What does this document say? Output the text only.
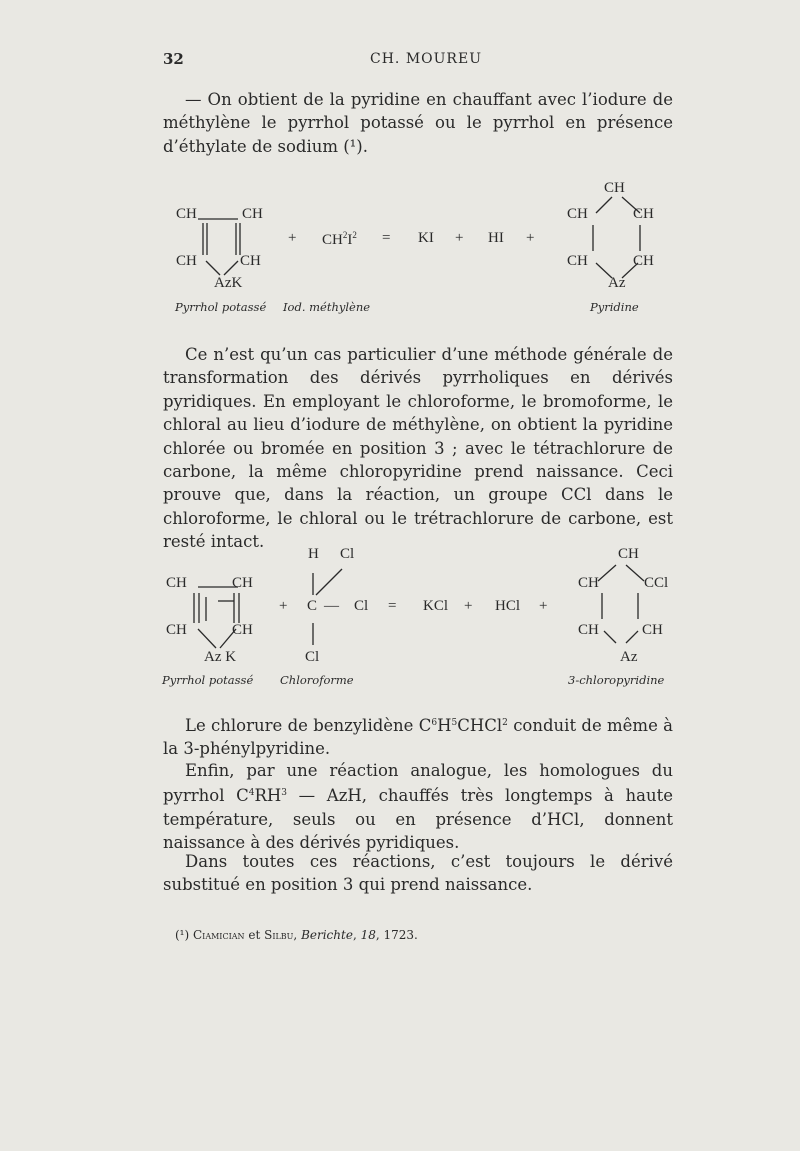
32	CH. MOUREU

— On obtient de la pyridine en chauffant avec l’iodure de méthylène le pyrrhol potassé ou le pyrrhol en présence d’éthylate de sodium (¹).

CH	CH
CH	CH
AzK
+ $CH^2I^2$ = KI + HI +
CH
CH	CH
CH	CH
Az
Pyrrhol potassé Iod. méthylène	Pyridine

Ce n’est qu’un cas particulier d’une méthode générale de transformation des dérivés pyrrholiques en dérivés pyridiques. En employant le chloroforme, le bromoforme, le chloral au lieu d’iodure de méthylène, on obtient la pyridine chlorée ou bromée en position 3 ; avec le tétrachlorure de carbone, la même chloropyridine prend naissance. Ceci prouve que, dans la réaction, un groupe CCl dans le chloroforme, le chloral ou le trétrachlorure de carbone, est resté intact.

CH	CH
CH	CH
Az K
+
H Cl
C — Cl
Cl
= KCl + HCl +
CH
CH	CCl
CH	CH
Az
Pyrrhol potassé Chloroforme	3-chloropyridine

Le chlorure de benzylidène $C^6H^5CHCl^2$ conduit de même à la 3-phénylpyridine.

Enfin, par une réaction analogue, les homologues du pyrrhol $C^4RH^3$ — AzH, chauffés très longtemps à haute température, seuls ou en présence d’HCl, donnent naissance à des dérivés pyridiques.

Dans toutes ces réactions, c’est toujours le dérivé substitué en position 3 qui prend naissance.

(¹) Ciamician et Silbu, Berichte, 18, 1723.
